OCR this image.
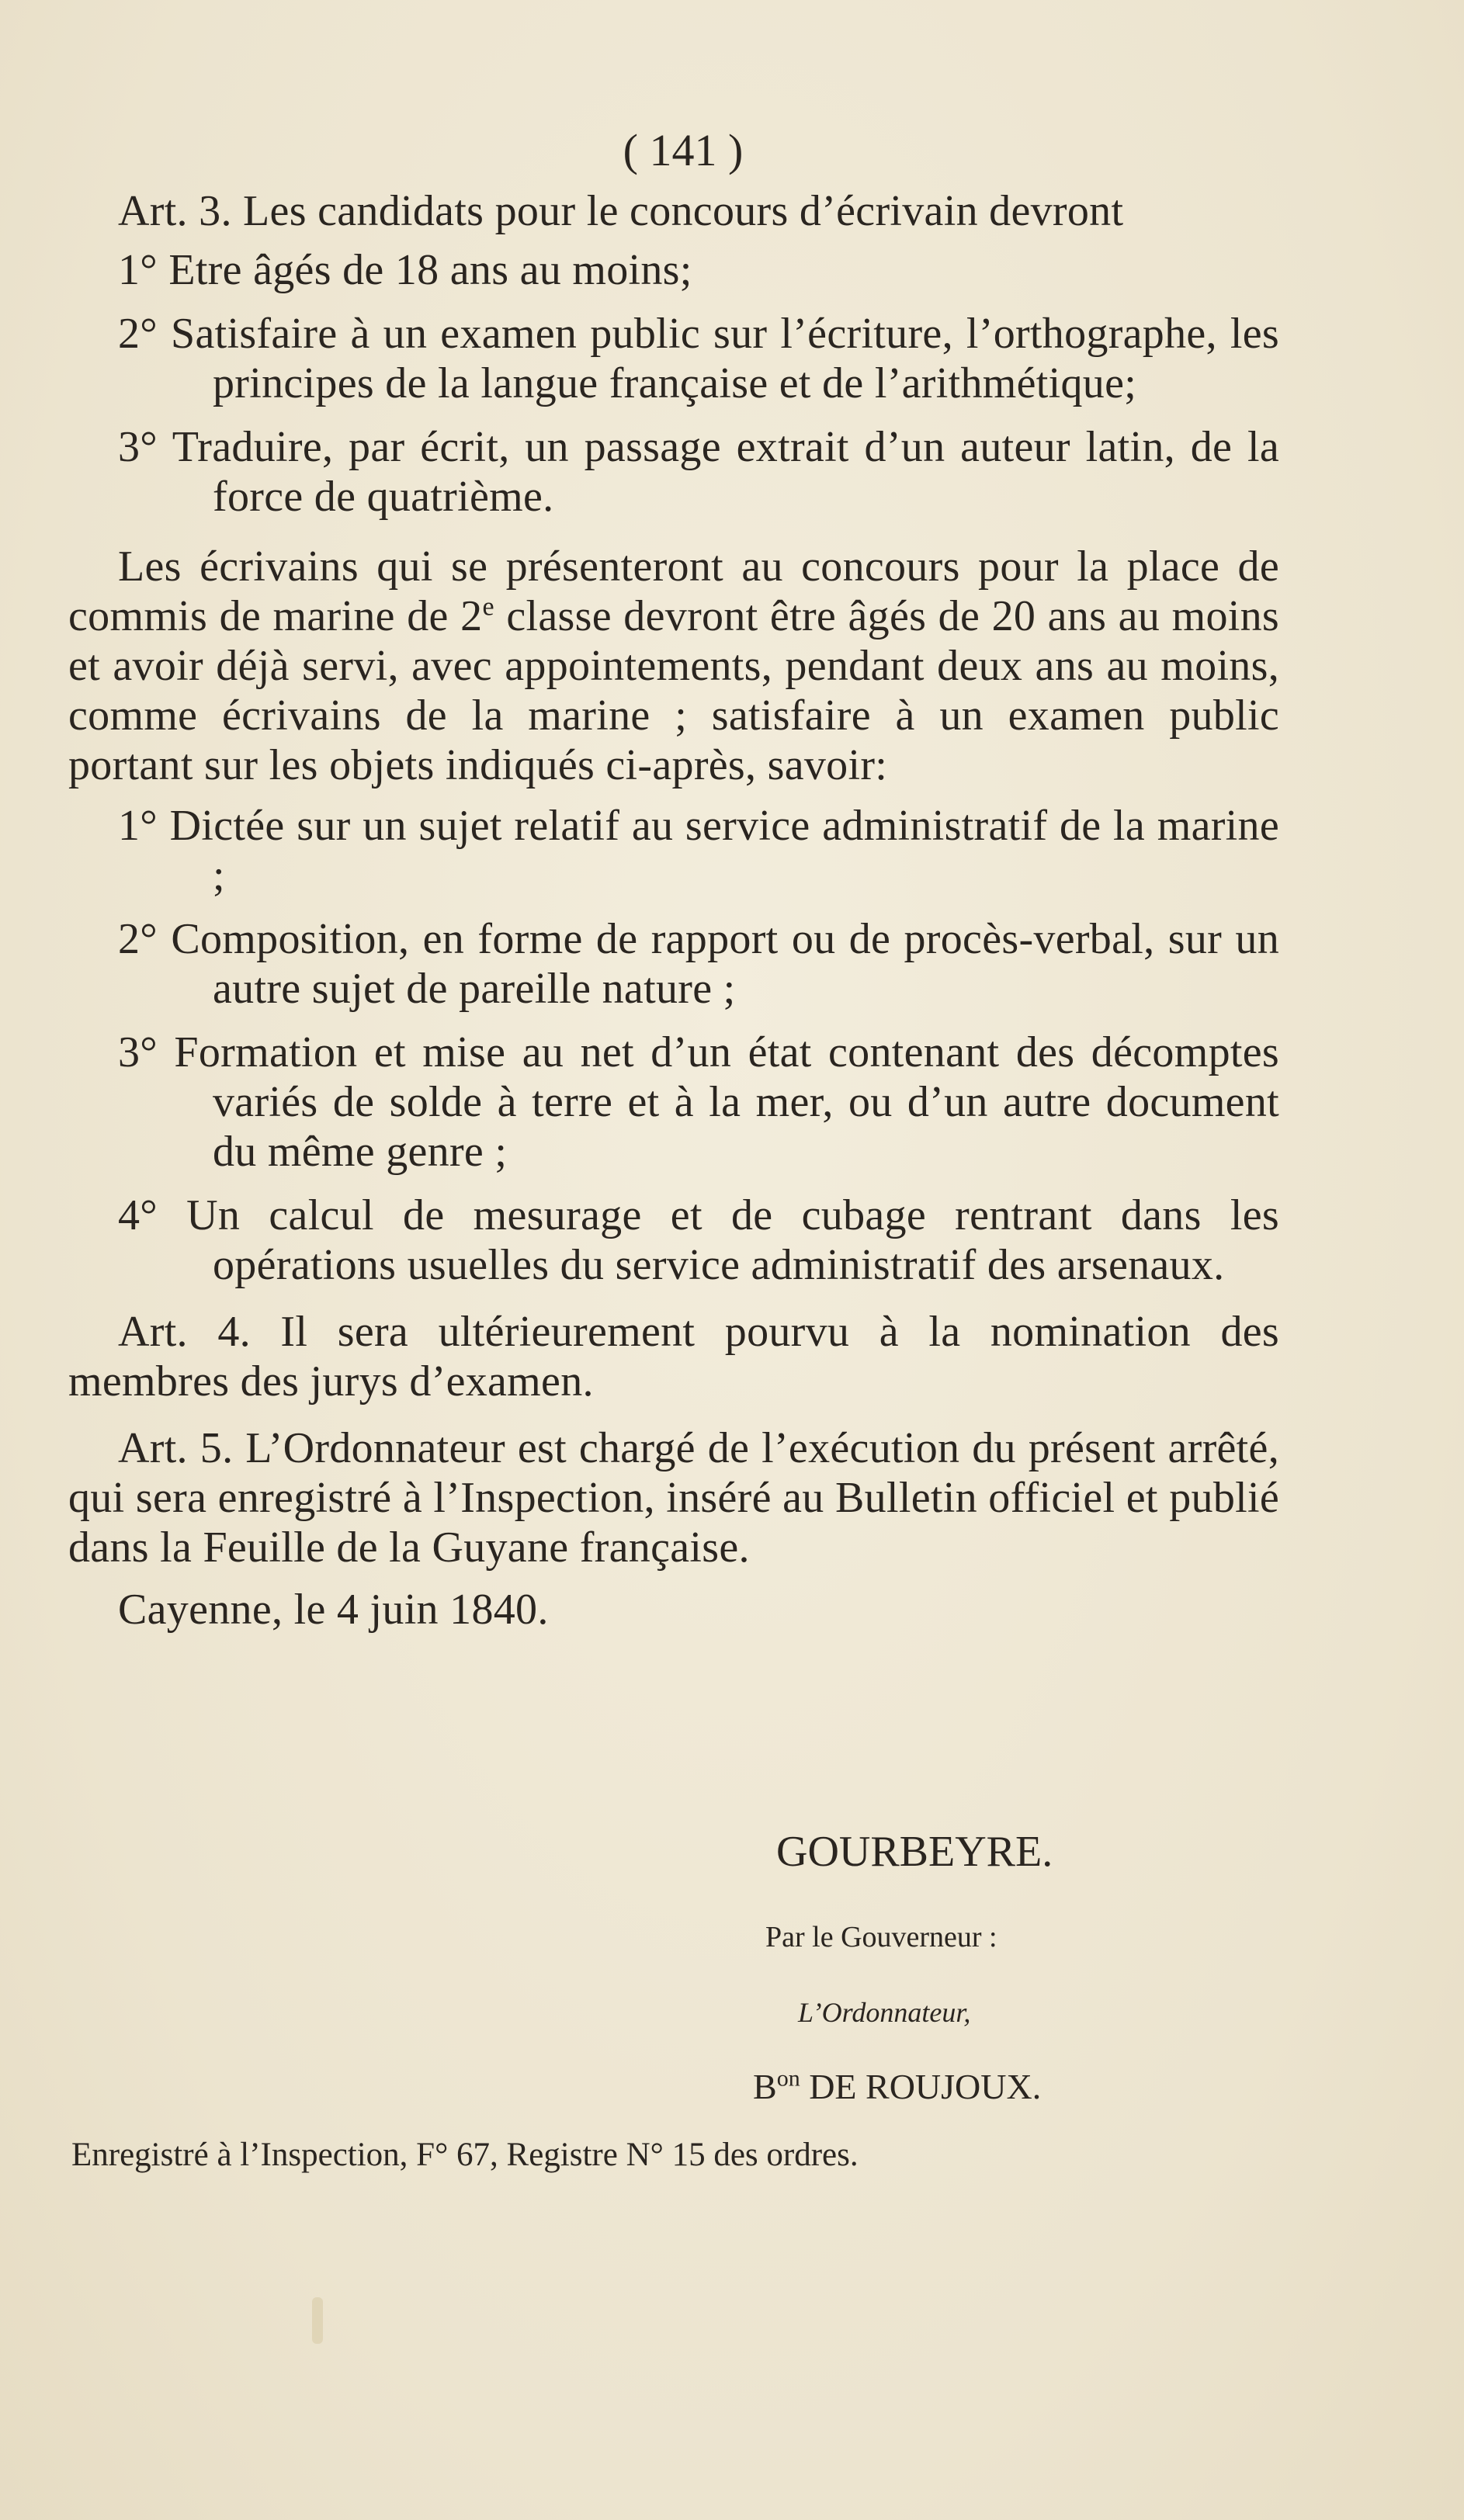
( 141 )

Art. 3. Les candidats pour le concours d’écrivain devront

1° Etre âgés de 18 ans au moins;

2° Satisfaire à un examen public sur l’écriture, l’orthographe, les principes de la langue française et de l’arithmétique;

3° Traduire, par écrit, un passage extrait d’un auteur latin, de la force de quatrième.

Les écrivains qui se présenteront au concours pour la place de commis de marine de 2e classe devront être âgés de 20 ans au moins et avoir déjà servi, avec appointements, pendant deux ans au moins, comme écrivains de la marine ; satisfaire à un examen public portant sur les objets indiqués ci-après, savoir:

1° Dictée sur un sujet relatif au service administratif de la marine ;

2° Composition, en forme de rapport ou de procès-verbal, sur un autre sujet de pareille nature ;

3° Formation et mise au net d’un état contenant des décomptes variés de solde à terre et à la mer, ou d’un autre document du même genre ;

4° Un calcul de mesurage et de cubage rentrant dans les opérations usuelles du service administratif des arsenaux.

Art. 4. Il sera ultérieurement pourvu à la nomination des membres des jurys d’examen.

Art. 5. L’Ordonnateur est chargé de l’exécution du présent arrêté, qui sera enregistré à l’Inspection, inséré au Bulletin officiel et publié dans la Feuille de la Guyane française.

Cayenne, le 4 juin 1840.

GOURBEYRE.
Par le Gouverneur :
L’Ordonnateur,
$B^{on}$ DE ROUJOUX.
Enregistré à l’Inspection, F° 67, Registre N° 15 des ordres.
